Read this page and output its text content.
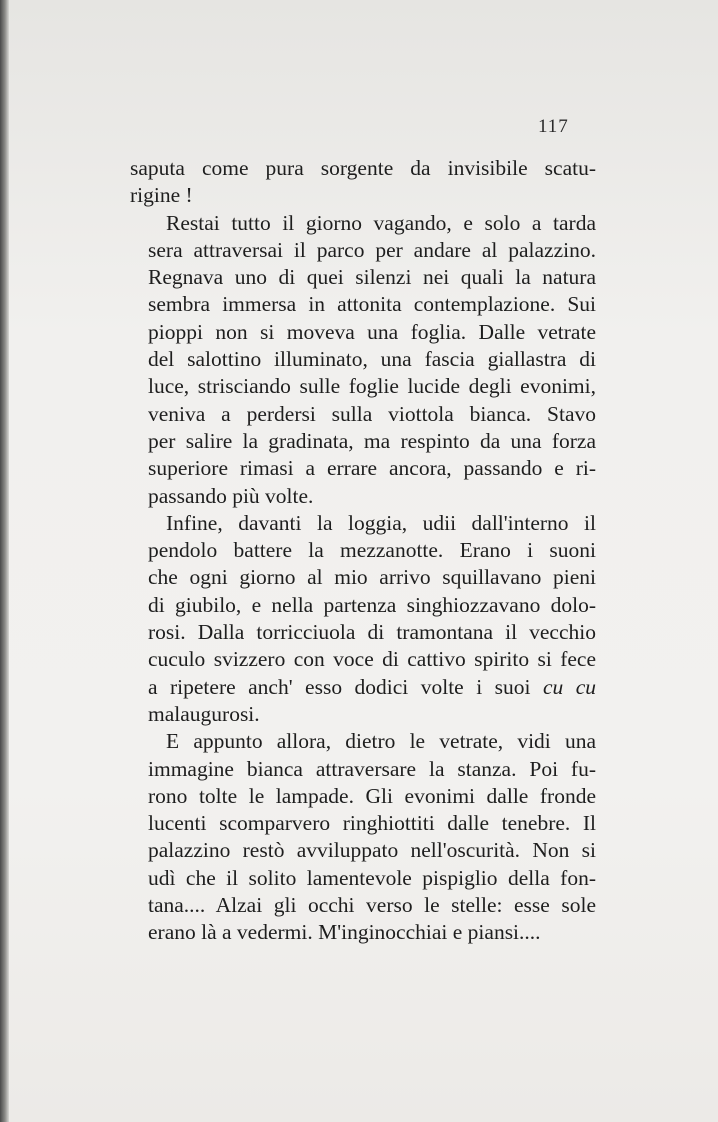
117

saputa come pura sorgente da invisibile scatu-
rigine !

Restai tutto il giorno vagando, e solo a tarda
sera attraversai il parco per andare al palazzino.
Regnava uno di quei silenzi nei quali la natura
sembra immersa in attonita contemplazione. Sui
pioppi non si moveva una foglia. Dalle vetrate
del salottino illuminato, una fascia giallastra di
luce, strisciando sulle foglie lucide degli evonimi,
veniva a perdersi sulla viottola bianca. Stavo
per salire la gradinata, ma respinto da una forza
superiore rimasi a errare ancora, passando e ri-
passando più volte.

Infine, davanti la loggia, udii dall'interno il
pendolo battere la mezzanotte. Erano i suoni
che ogni giorno al mio arrivo squillavano pieni
di giubilo, e nella partenza singhiozzavano dolo-
rosi. Dalla torricciuola di tramontana il vecchio
cuculo svizzero con voce di cattivo spirito si fece
a ripetere anch' esso dodici volte i suoi cu cu
malaugurosi.

E appunto allora, dietro le vetrate, vidi una
immagine bianca attraversare la stanza. Poi fu-
rono tolte le lampade. Gli evonimi dalle fronde
lucenti scomparvero ringhiottiti dalle tenebre. Il
palazzino restò avviluppato nell'oscurità. Non si
udì che il solito lamentevole pispiglio della fon-
tana.... Alzai gli occhi verso le stelle: esse sole
erano là a vedermi. M'inginocchiai e piansi....
